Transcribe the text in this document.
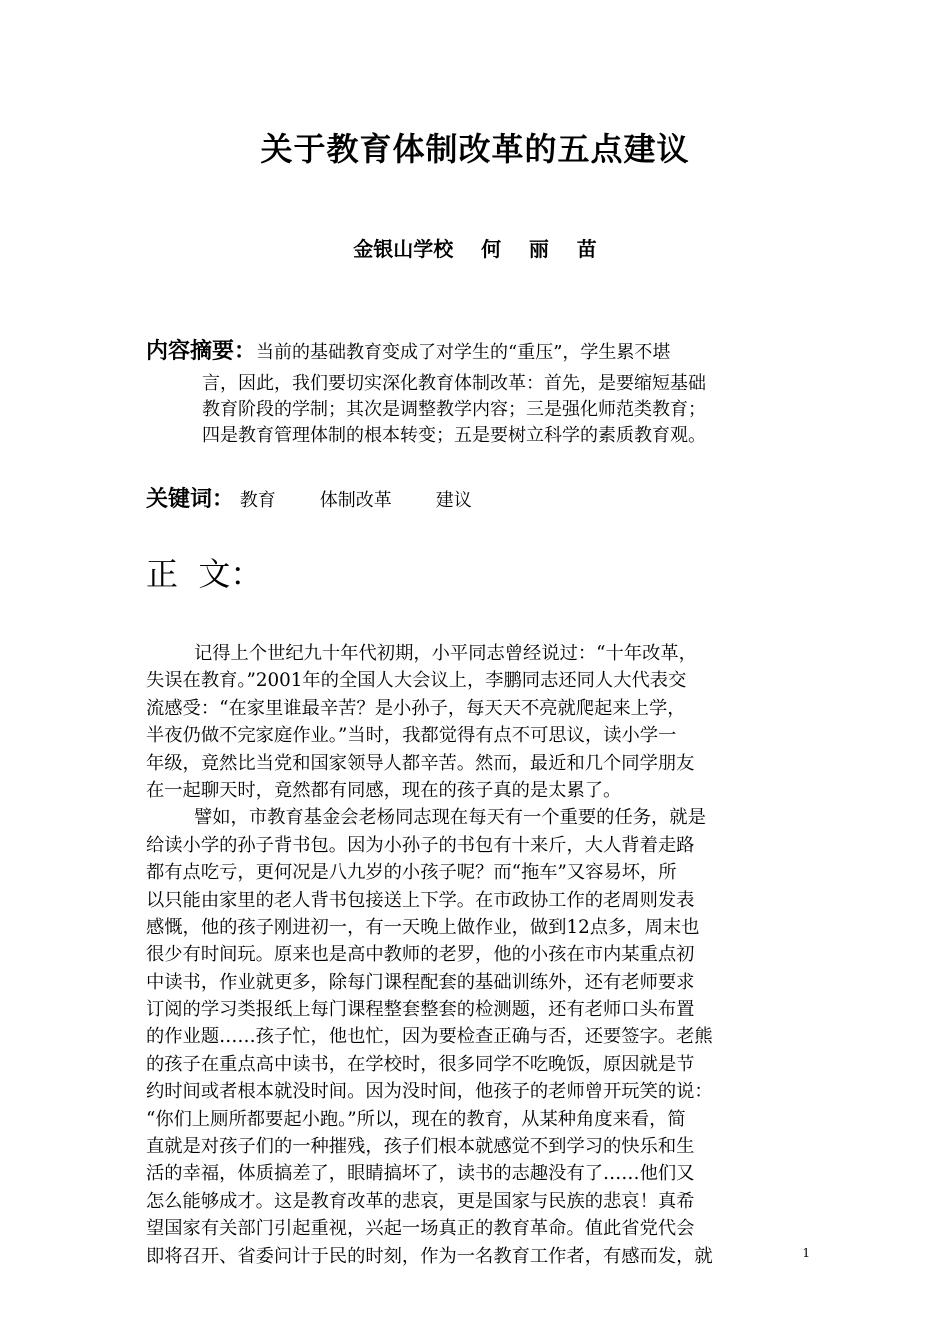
关于教育体制改革的五点建议
金银山学校    何    丽    苗
内容摘要：当前的基础教育变成了对学生的“重压”，学生累不堪
言，因此，我们要切实深化教育体制改革：首先，是要缩短基础
教育阶段的学制；其次是调整教学内容；三是强化师范类教育；
四是教育管理体制的根本转变；五是要树立科学的素质教育观。
关键词： 教育 体制改革 建议
正  文：
记得上个世纪九十年代初期，小平同志曾经说过：“十年改革，
失误在教育。”2001年的全国人大会议上，李鹏同志还同人大代表交
流感受：“在家里谁最辛苦？是小孙子，每天天不亮就爬起来上学，
半夜仍做不完家庭作业。”当时，我都觉得有点不可思议，读小学一
年级，竟然比当党和国家领导人都辛苦。然而，最近和几个同学朋友
在一起聊天时，竟然都有同感，现在的孩子真的是太累了。
譬如，市教育基金会老杨同志现在每天有一个重要的任务，就是
给读小学的孙子背书包。因为小孙子的书包有十来斤，大人背着走路
都有点吃亏，更何况是八九岁的小孩子呢？而“拖车”又容易坏，所
以只能由家里的老人背书包接送上下学。在市政协工作的老周则发表
感慨，他的孩子刚进初一，有一天晚上做作业，做到12点多，周末也
很少有时间玩。原来也是高中教师的老罗，他的小孩在市内某重点初
中读书，作业就更多，除每门课程配套的基础训练外，还有老师要求
订阅的学习类报纸上每门课程整套整套的检测题，还有老师口头布置
的作业题……孩子忙，他也忙，因为要检查正确与否，还要签字。老熊
的孩子在重点高中读书，在学校时，很多同学不吃晚饭，原因就是节
约时间或者根本就没时间。因为没时间，他孩子的老师曾开玩笑的说：
“你们上厕所都要起小跑。”所以，现在的教育，从某种角度来看，简
直就是对孩子们的一种摧残，孩子们根本就感觉不到学习的快乐和生
活的幸福，体质搞差了，眼睛搞坏了，读书的志趣没有了……他们又
怎么能够成才。这是教育改革的悲哀，更是国家与民族的悲哀！真希
望国家有关部门引起重视，兴起一场真正的教育革命。值此省党代会
即将召开、省委问计于民的时刻，作为一名教育工作者，有感而发，就	1
